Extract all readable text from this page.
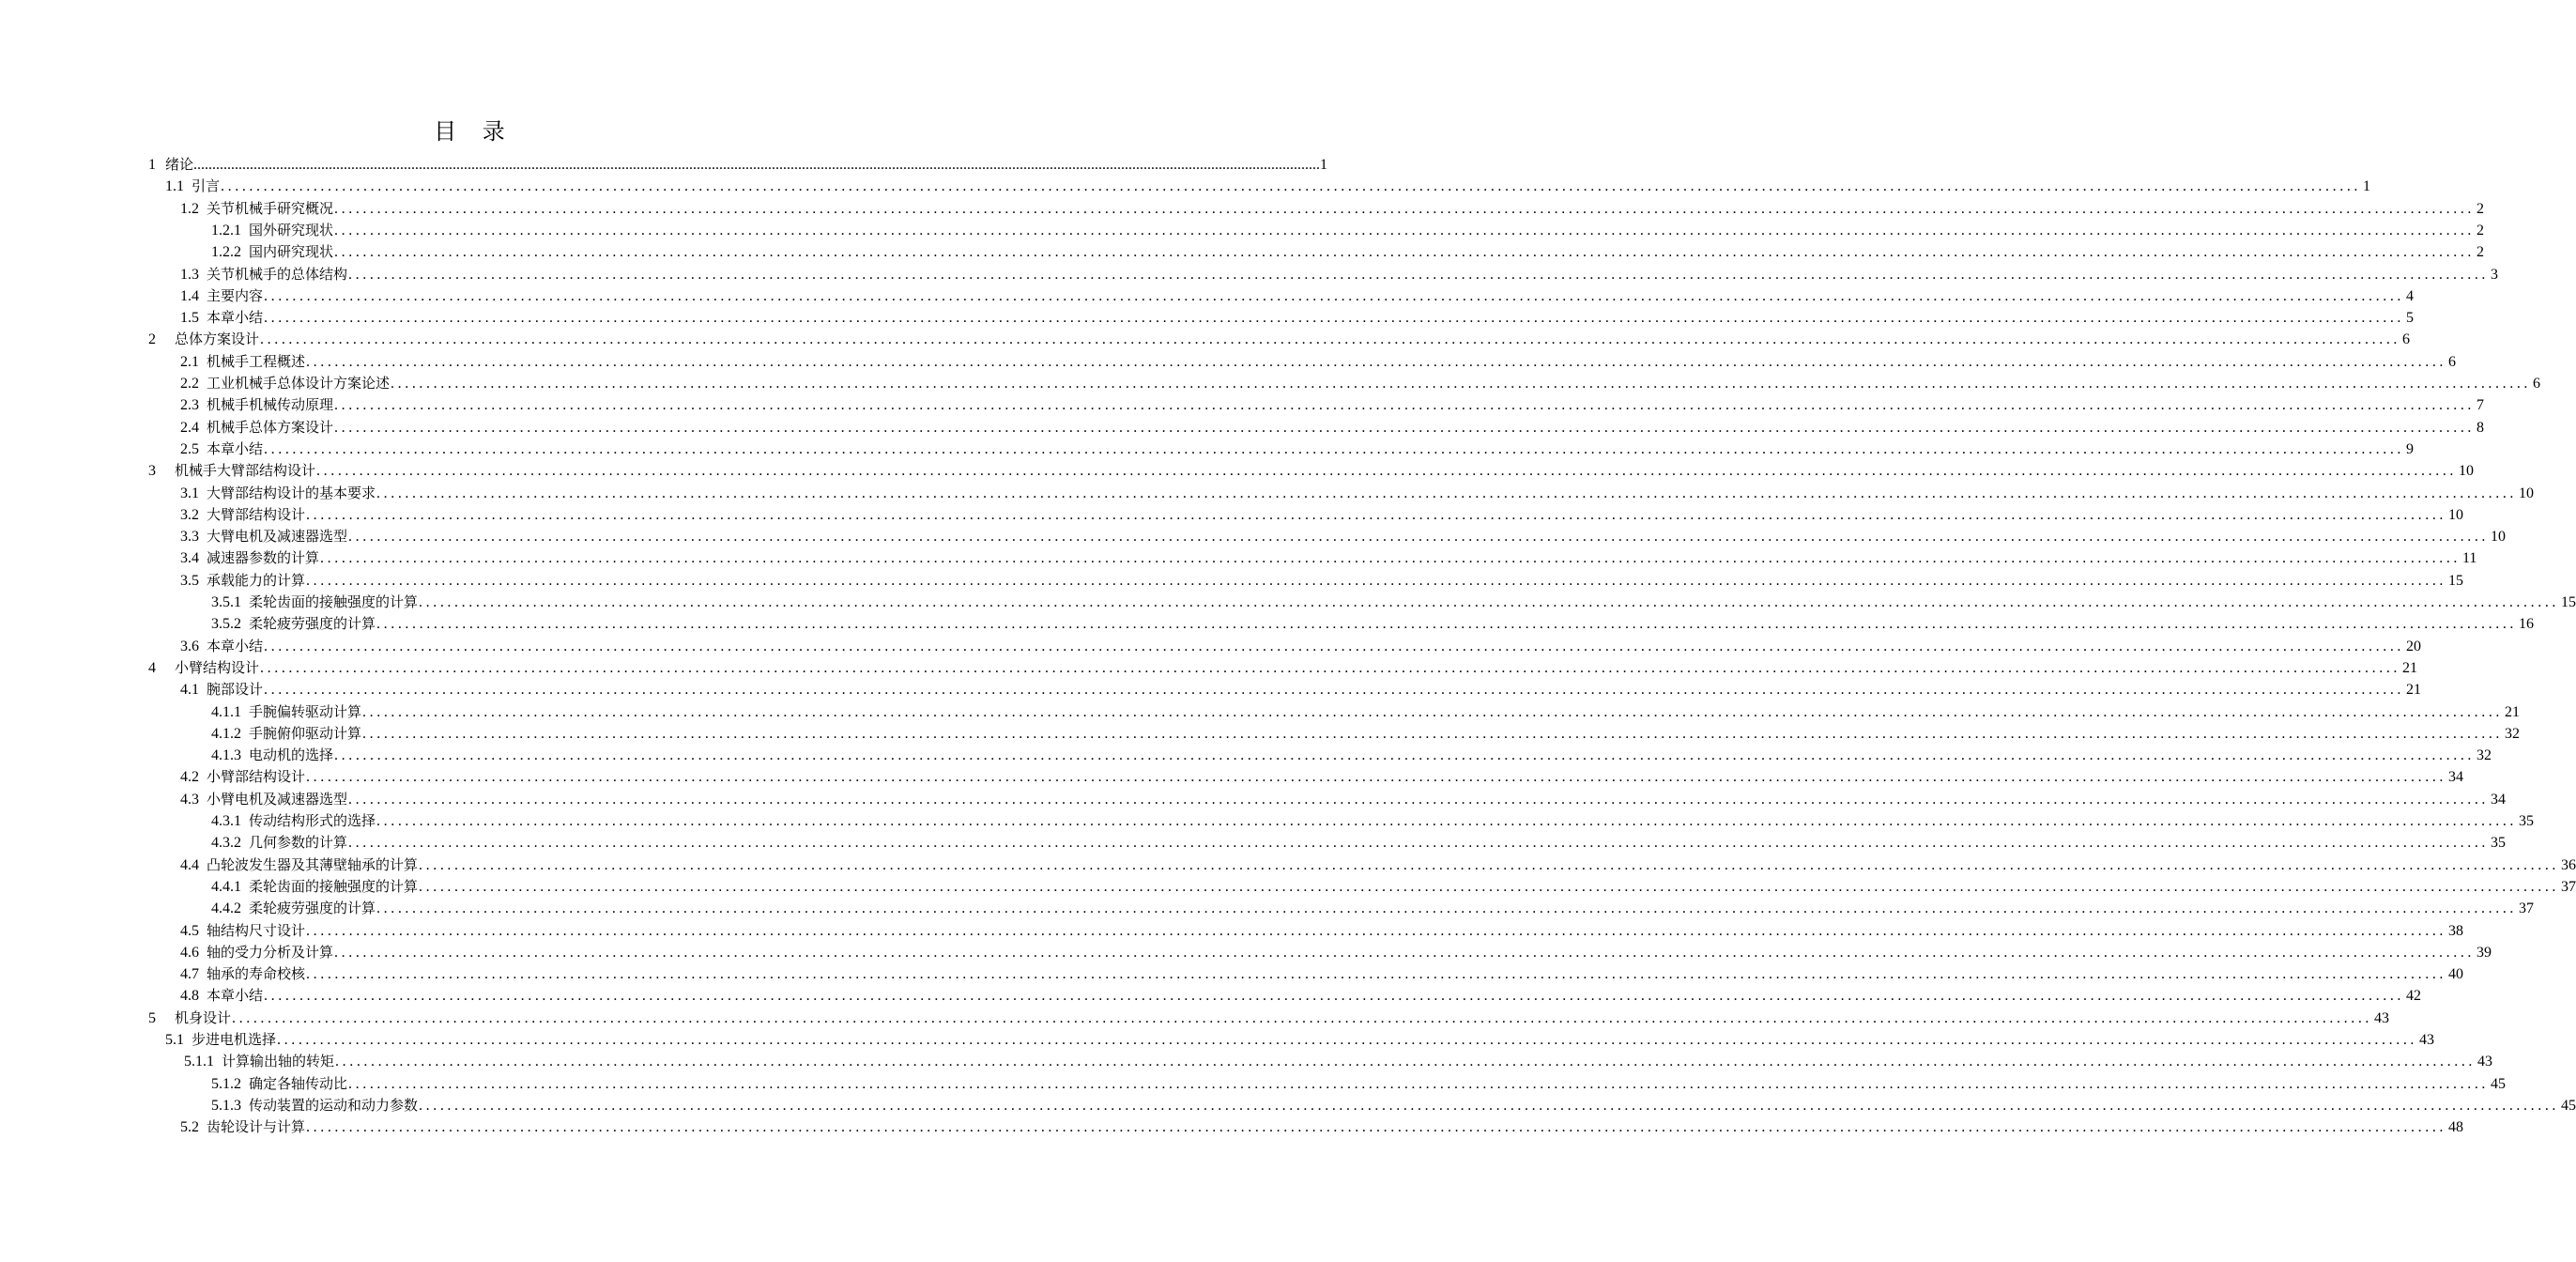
目 录
1 绪论 ............................................................................................................................................................................................................................................................................................................ 1
1.1 引言 ............................................................................................................................................................................................................................................................................................................ 1
1.2 关节机械手研究概况 ............................................................................................................................................................................................................................................................................................................ 2
1.2.1 国外研究现状 ............................................................................................................................................................................................................................................................................................................ 2
1.2.2 国内研究现状 ............................................................................................................................................................................................................................................................................................................ 2
1.3 关节机械手的总体结构 ............................................................................................................................................................................................................................................................................................................ 3
1.4 主要内容 ............................................................................................................................................................................................................................................................................................................ 4
1.5 本章小结 ............................................................................................................................................................................................................................................................................................................ 5
2 总体方案设计 ............................................................................................................................................................................................................................................................................................................ 6
2.1 机械手工程概述 ............................................................................................................................................................................................................................................................................................................ 6
2.2 工业机械手总体设计方案论述 ............................................................................................................................................................................................................................................................................................................ 6
2.3 机械手机械传动原理 ............................................................................................................................................................................................................................................................................................................ 7
2.4 机械手总体方案设计 ............................................................................................................................................................................................................................................................................................................ 8
2.5 本章小结 ............................................................................................................................................................................................................................................................................................................ 9
3 机械手大臂部结构设计 ............................................................................................................................................................................................................................................................................................................ 10
3.1 大臂部结构设计的基本要求 ............................................................................................................................................................................................................................................................................................................ 10
3.2 大臂部结构设计 ............................................................................................................................................................................................................................................................................................................ 10
3.3 大臂电机及减速器选型 ............................................................................................................................................................................................................................................................................................................ 10
3.4 减速器参数的计算 ............................................................................................................................................................................................................................................................................................................ 11
3.5 承载能力的计算 ............................................................................................................................................................................................................................................................................................................ 15
3.5.1 柔轮齿面的接触强度的计算 ............................................................................................................................................................................................................................................................................................................ 15
3.5.2 柔轮疲劳强度的计算 ............................................................................................................................................................................................................................................................................................................ 16
3.6 本章小结 ............................................................................................................................................................................................................................................................................................................ 20
4 小臂结构设计 ............................................................................................................................................................................................................................................................................................................ 21
4.1 腕部设计 ............................................................................................................................................................................................................................................................................................................ 21
4.1.1 手腕偏转驱动计算 ............................................................................................................................................................................................................................................................................................................ 21
4.1.2 手腕俯仰驱动计算 ............................................................................................................................................................................................................................................................................................................ 32
4.1.3 电动机的选择 ............................................................................................................................................................................................................................................................................................................ 32
4.2 小臂部结构设计 ............................................................................................................................................................................................................................................................................................................ 34
4.3 小臂电机及减速器选型 ............................................................................................................................................................................................................................................................................................................ 34
4.3.1 传动结构形式的选择 ............................................................................................................................................................................................................................................................................................................ 35
4.3.2 几何参数的计算 ............................................................................................................................................................................................................................................................................................................ 35
4.4 凸轮波发生器及其薄壁轴承的计算 ............................................................................................................................................................................................................................................................................................................ 36
4.4.1 柔轮齿面的接触强度的计算 ............................................................................................................................................................................................................................................................................................................ 37
4.4.2 柔轮疲劳强度的计算 ............................................................................................................................................................................................................................................................................................................ 37
4.5 轴结构尺寸设计 ............................................................................................................................................................................................................................................................................................................ 38
4.6 轴的受力分析及计算 ............................................................................................................................................................................................................................................................................................................ 39
4.7 轴承的寿命校核 ............................................................................................................................................................................................................................................................................................................ 40
4.8 本章小结 ............................................................................................................................................................................................................................................................................................................ 42
5 机身设计 ............................................................................................................................................................................................................................................................................................................ 43
5.1 步进电机选择 ............................................................................................................................................................................................................................................................................................................ 43
5.1.1 计算输出轴的转矩 ............................................................................................................................................................................................................................................................................................................ 43
5.1.2 确定各轴传动比 ............................................................................................................................................................................................................................................................................................................ 45
5.1.3 传动装置的运动和动力参数 ............................................................................................................................................................................................................................................................................................................ 45
5.2 齿轮设计与计算 ............................................................................................................................................................................................................................................................................................................ 48
